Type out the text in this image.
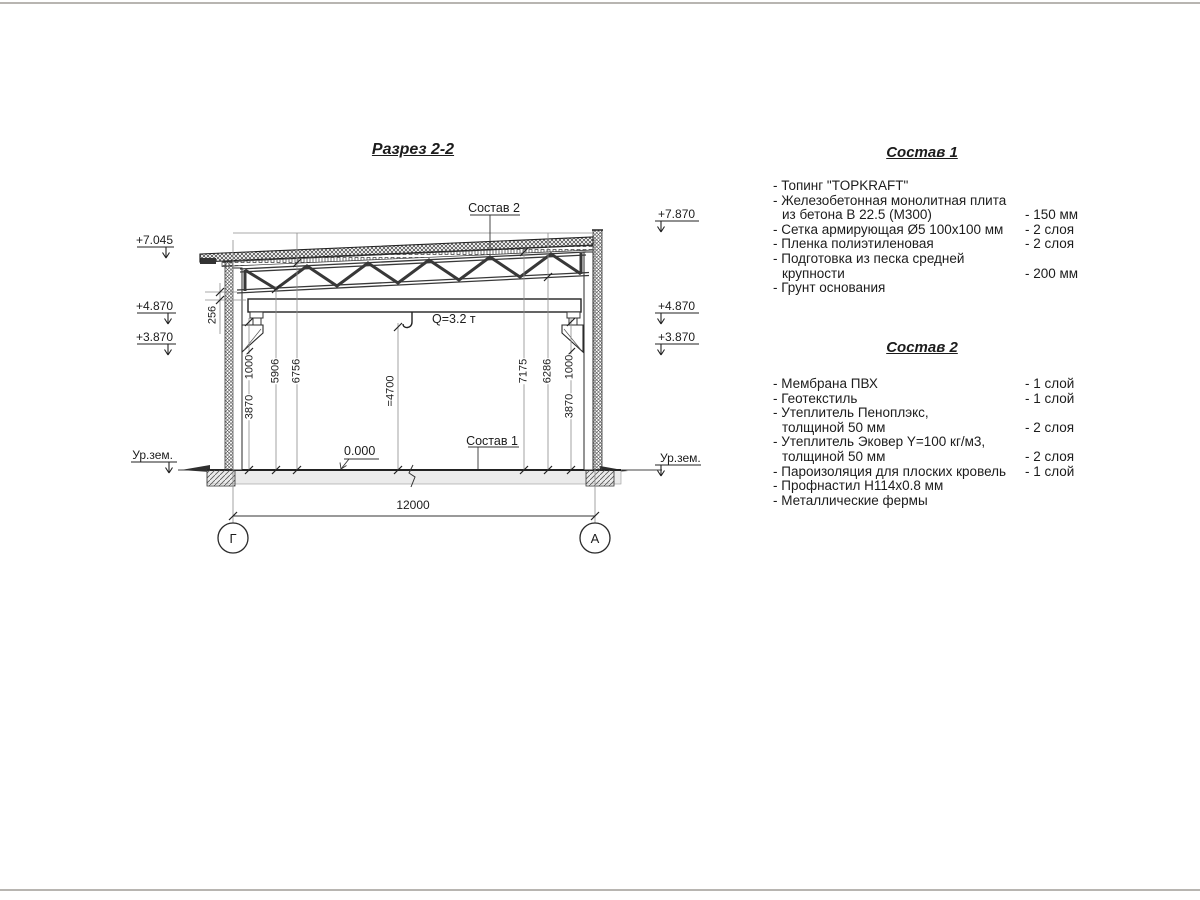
Разрез 2-2
Состав 2
Состав 1
Q=3.2 т
0.000
12000
Г	А
+7.045
+4.870
+3.870
Ур.зем.
+7.870
+4.870
+3.870
Ур.зем.
256
1000
3870
5906 6756
=4700
7175 6286 1000
3870
Состав 1
- Топинг "TOPKRAFT"
- Железобетонная монолитная плита
из бетона В 22.5 (М300)	- 150 мм
- Сетка армирующая Ø5 100x100 мм	- 2 слоя
- Пленка полиэтиленовая	- 2 слоя
- Подготовка из песка средней
крупности	- 200 мм
- Грунт основания
Состав 2
- Мембрана ПВХ	- 1 слой
- Геотекстиль	- 1 слой
- Утеплитель Пеноплэкс,
толщиной 50 мм	- 2 слоя
- Утеплитель Эковер Y=100 кг/м3,
толщиной 50 мм	- 2 слоя
- Пароизоляция для плоских кровель	- 1 слой
- Профнастил Н114x0.8 мм
- Металлические фермы
